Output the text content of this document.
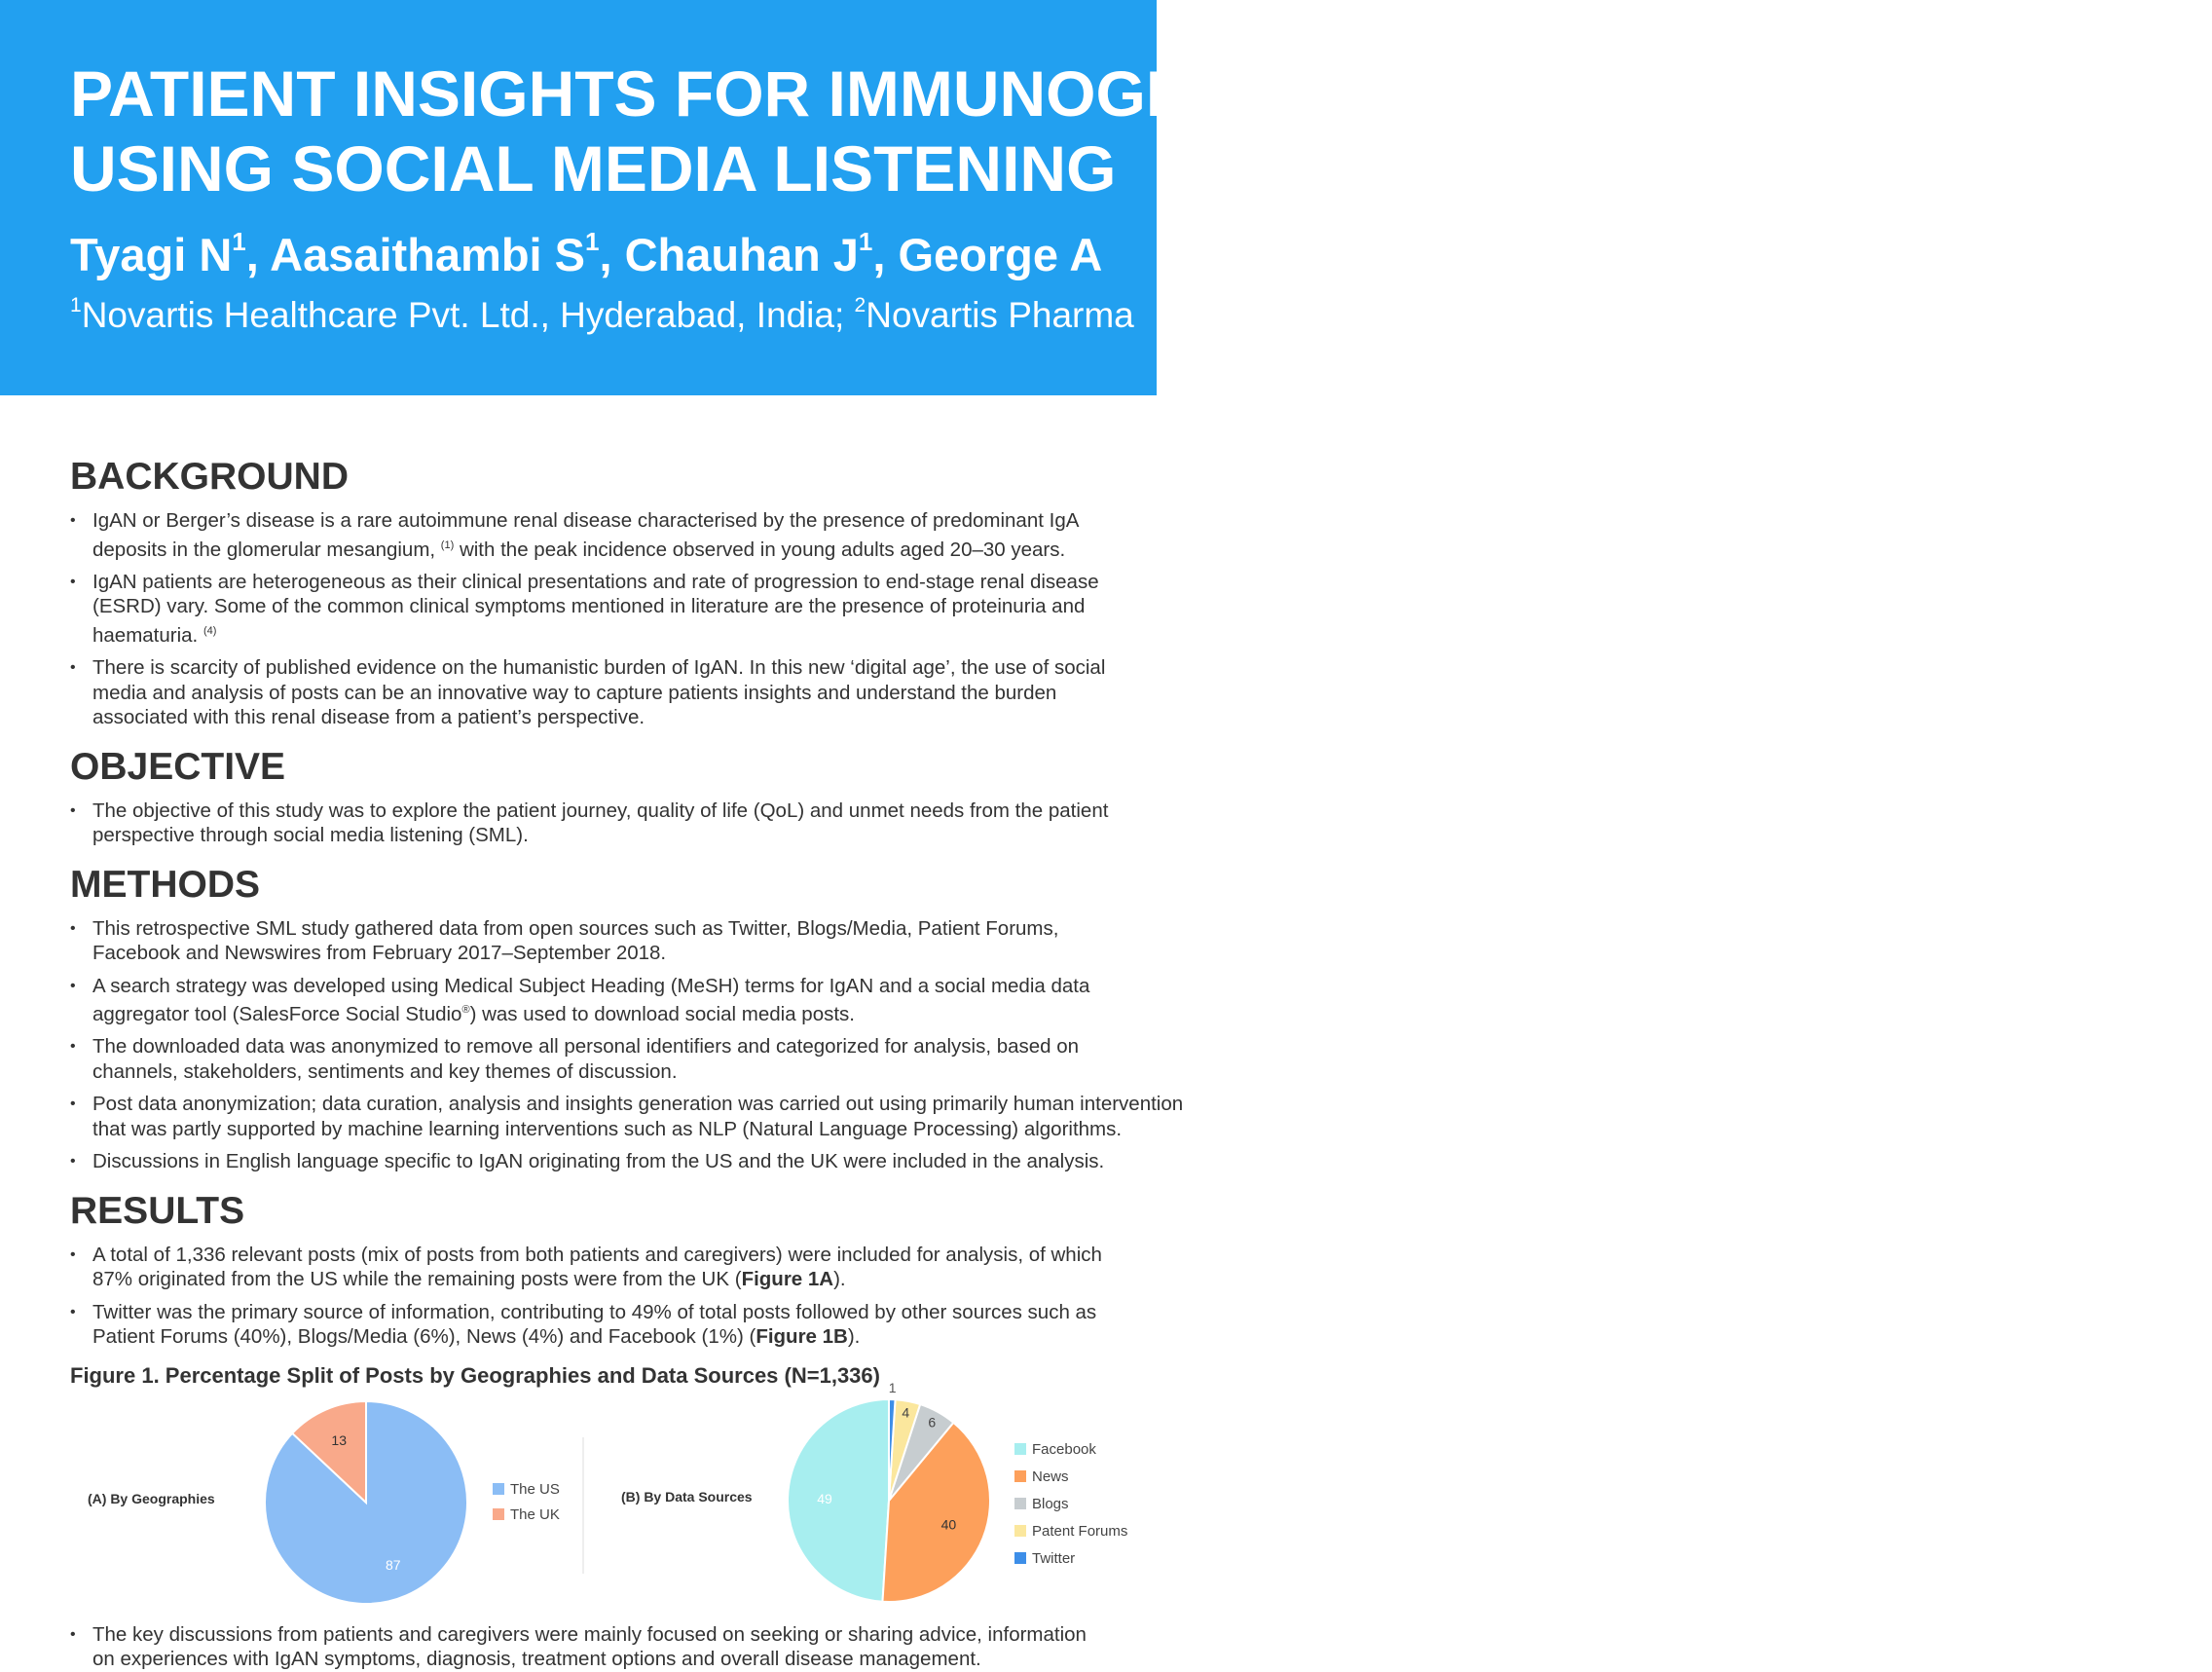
PATIENT INSIGHTS FOR IMMUNOGLOBULIN A NEPHROPATHY (IGAN)
USING SOCIAL MEDIA LISTENING
Tyagi $N^1$, Aasaithambi $S^1$, Chauhan $J^1$, George A
$^1$Novartis Healthcare Pvt. Ltd., Hyderabad, India; $^2$Novartis Pharma
BACKGROUND
• IgAN or Berger’s disease is a rare autoimmune renal disease characterised by the presence of predominant IgA
deposits in the glomerular mesangium, $^{(1)}$ with the peak incidence observed in young adults aged 20–30 years.
• IgAN patients are heterogeneous as their clinical presentations and rate of progression to end-stage renal disease
(ESRD) vary. Some of the common clinical symptoms mentioned in literature are the presence of proteinuria and
haematuria. $^{(4)}$
• There is scarcity of published evidence on the humanistic burden of IgAN. In this new ‘digital age’, the use of social
media and analysis of posts can be an innovative way to capture patients insights and understand the burden
associated with this renal disease from a patient’s perspective.
OBJECTIVE
• The objective of this study was to explore the patient journey, quality of life (QoL) and unmet needs from the patient
perspective through social media listening (SML).
METHODS
• This retrospective SML study gathered data from open sources such as Twitter, Blogs/Media, Patient Forums,
Facebook and Newswires from February 2017–September 2018.
• A search strategy was developed using Medical Subject Heading (MeSH) terms for IgAN and a social media data
aggregator tool (SalesForce Social Studio®) was used to download social media posts.
• The downloaded data was anonymized to remove all personal identifiers and categorized for analysis, based on
channels, stakeholders, sentiments and key themes of discussion.
• Post data anonymization; data curation, analysis and insights generation was carried out using primarily human intervention
that was partly supported by machine learning interventions such as NLP (Natural Language Processing) algorithms.
• Discussions in English language specific to IgAN originating from the US and the UK were included in the analysis.
RESULTS
• A total of 1,336 relevant posts (mix of posts from both patients and caregivers) were included for analysis, of which
87% originated from the US while the remaining posts were from the UK (Figure 1A).
• Twitter was the primary source of information, contributing to 49% of total posts followed by other sources such as
Patient Forums (40%), Blogs/Media (6%), News (4%) and Facebook (1%) (Figure 1B).
Figure 1. Percentage Split of Posts by Geographies and Data Sources (N=1,336)
(A) By Geographies
87
13
The US
The UK
(B) By Data Sources	49
40
6
4
1
Facebook
News
Blogs
Patent Forums
Twitter
• The key discussions from patients and caregivers were mainly focused on seeking or sharing advice, information
on experiences with IgAN symptoms, diagnosis, treatment options and overall disease management.
